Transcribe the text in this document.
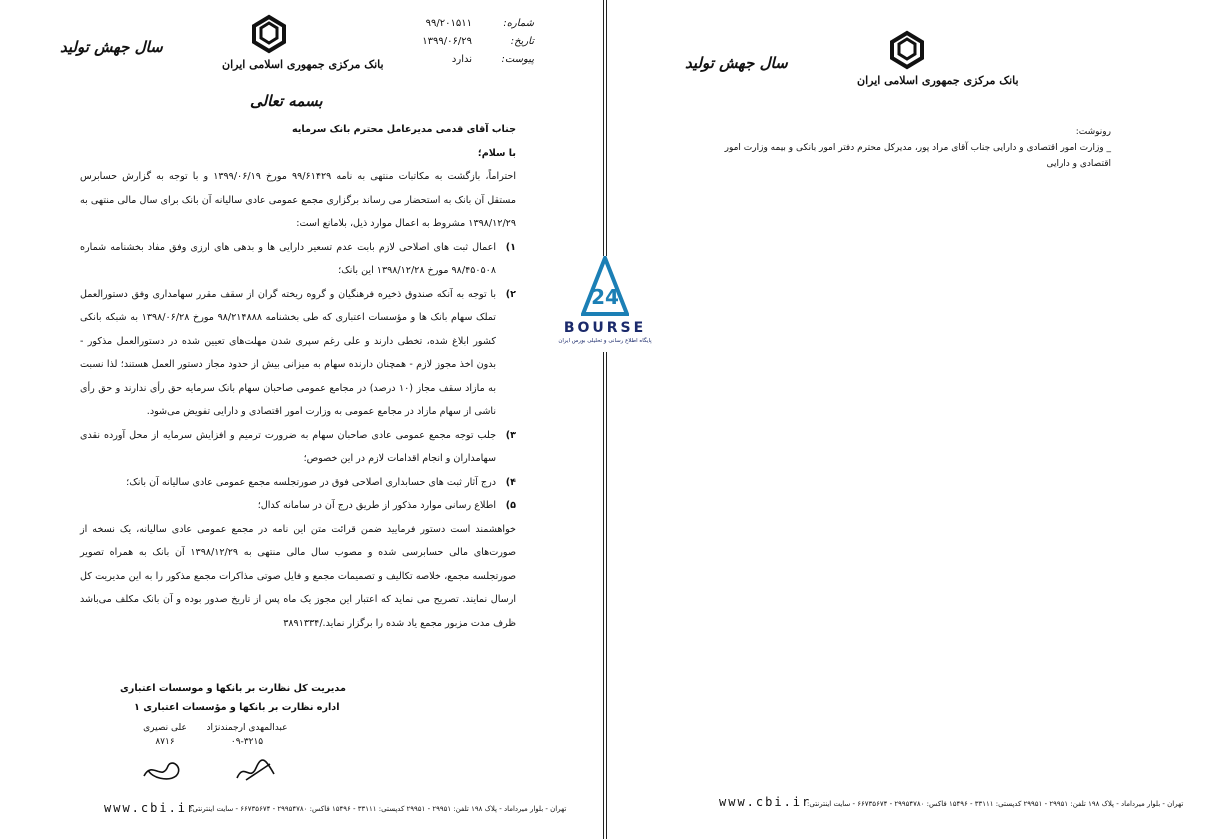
بانک مرکزی جمهوری اسلامی ایران
سال جهش تولید
بسمه تعالی
شماره:
۹۹/۲۰۱۵۱۱
تاریخ:
۱۳۹۹/۰۶/۲۹
پیوست:
ندارد

جناب آقای قدمی مدیرعامل محترم بانک سرمایه

با سلام؛

احتراماً، بازگشت به مکاتبات منتهی به نامه ۹۹/۶۱۴۲۹ مورخ ۱۳۹۹/۰۶/۱۹ و با توجه به گزارش حسابرس مستقل آن بانک به استحضار می رساند برگزاری مجمع عمومی عادی سالیانه آن بانک برای سال مالی منتهی به ۱۳۹۸/۱۲/۲۹ مشروط به اعمال موارد ذیل، بلامانع است:

۱)
اعمال ثبت های اصلاحی لازم بابت عدم تسعیر دارایی ها و بدهی های ارزی وفق مفاد بخشنامه شماره ۹۸/۴۵۰۵۰۸ مورخ ۱۳۹۸/۱۲/۲۸ این بانک؛
۲)
با توجه به آنکه صندوق ذخیره فرهنگیان و گروه ریخته گران از سقف مقرر سهامداری وفق دستورالعمل تملک سهام بانک ها و مؤسسات اعتباری که طی بخشنامه ۹۸/۲۱۴۸۸۸ مورخ ۱۳۹۸/۰۶/۲۸ به شبکه بانکی کشور ابلاغ شده، تخطی دارند و علی رغم سپری شدن مهلت‌های تعیین شده در دستورالعمل مذکور - بدون اخذ مجوز لازم - همچنان دارنده سهام به میزانی بیش از حدود مجاز دستور العمل هستند؛ لذا نسبت به مازاد سقف مجاز (۱۰ درصد) در مجامع عمومی صاحبان سهام بانک سرمایه حق رأی ندارند و حق رأی ناشی از سهام مازاد در مجامع عمومی به وزارت امور اقتصادی و دارایی تفویض می‌شود.
۳)
جلب توجه مجمع عمومی عادی صاحبان سهام به ضرورت ترمیم و افزایش سرمایه از محل آورده نقدی سهامداران و انجام اقدامات لازم در این خصوص؛
۴)
درج آثار ثبت های حسابداری اصلاحی فوق در صورتجلسه مجمع عمومی عادی سالیانه آن بانک؛
۵)
اطلاع رسانی موارد مذکور از طریق درج آن در سامانه کدال؛

خواهشمند است دستور فرمایید ضمن قرائت متن این نامه در مجمع عمومی عادی سالیانه، یک نسخه از صورت‌های مالی حسابرسی شده و مصوب سال مالی منتهی به ۱۳۹۸/۱۲/۲۹ آن بانک به همراه تصویر صورتجلسه مجمع، خلاصه تکالیف و تصمیمات مجمع و فایل صوتی مذاکرات مجمع مذکور را به این مدیریت کل ارسال نمایند. تصریح می نماید که اعتبار این مجوز یک ماه پس از تاریخ صدور بوده و آن بانک مکلف می‌باشد ظرف مدت مزبور مجمع یاد شده را برگزار نماید./۳۸۹۱۳۳۴

مدیریت کل نظارت بر بانکها و موسسات اعتباری
اداره نظارت بر بانکها و مؤسسات اعتباری ۱
عبدالمهدی ارجمندنژاد
۰۹-۳۲۱۵
علی نصیری
۸۷۱۶
تهران - بلوار میرداماد - پلاک ۱۹۸ تلفن: ۲۹۹۵۱ - ۲۹۹۵۱ کدپستی: ۳۳۱۱۱ - ۱۵۴۹۶ فاکس: ۲۹۹۵۴۷۸۰ - ۶۶۷۳۵۶۷۴ - سایت اینترنتی:
www.cbi.ir
بانک مرکزی جمهوری اسلامی ایران
سال جهش تولید
رونوشت:
_ وزارت امور اقتصادی و دارایی جناب آقای مراد پور، مدیرکل محترم دفتر امور بانکی و بیمه وزارت امور اقتصادی و دارایی
تهران - بلوار میرداماد - پلاک ۱۹۸ تلفن: ۲۹۹۵۱ - ۲۹۹۵۱ کدپستی: ۳۳۱۱۱ - ۱۵۴۹۶ فاکس: ۲۹۹۵۴۷۸۰ - ۶۶۷۳۵۶۷۴ - سایت اینترنتی:
www.cbi.ir
24
BOURSE
پایگاه اطلاع رسانی و تحلیلی بورس ایران
